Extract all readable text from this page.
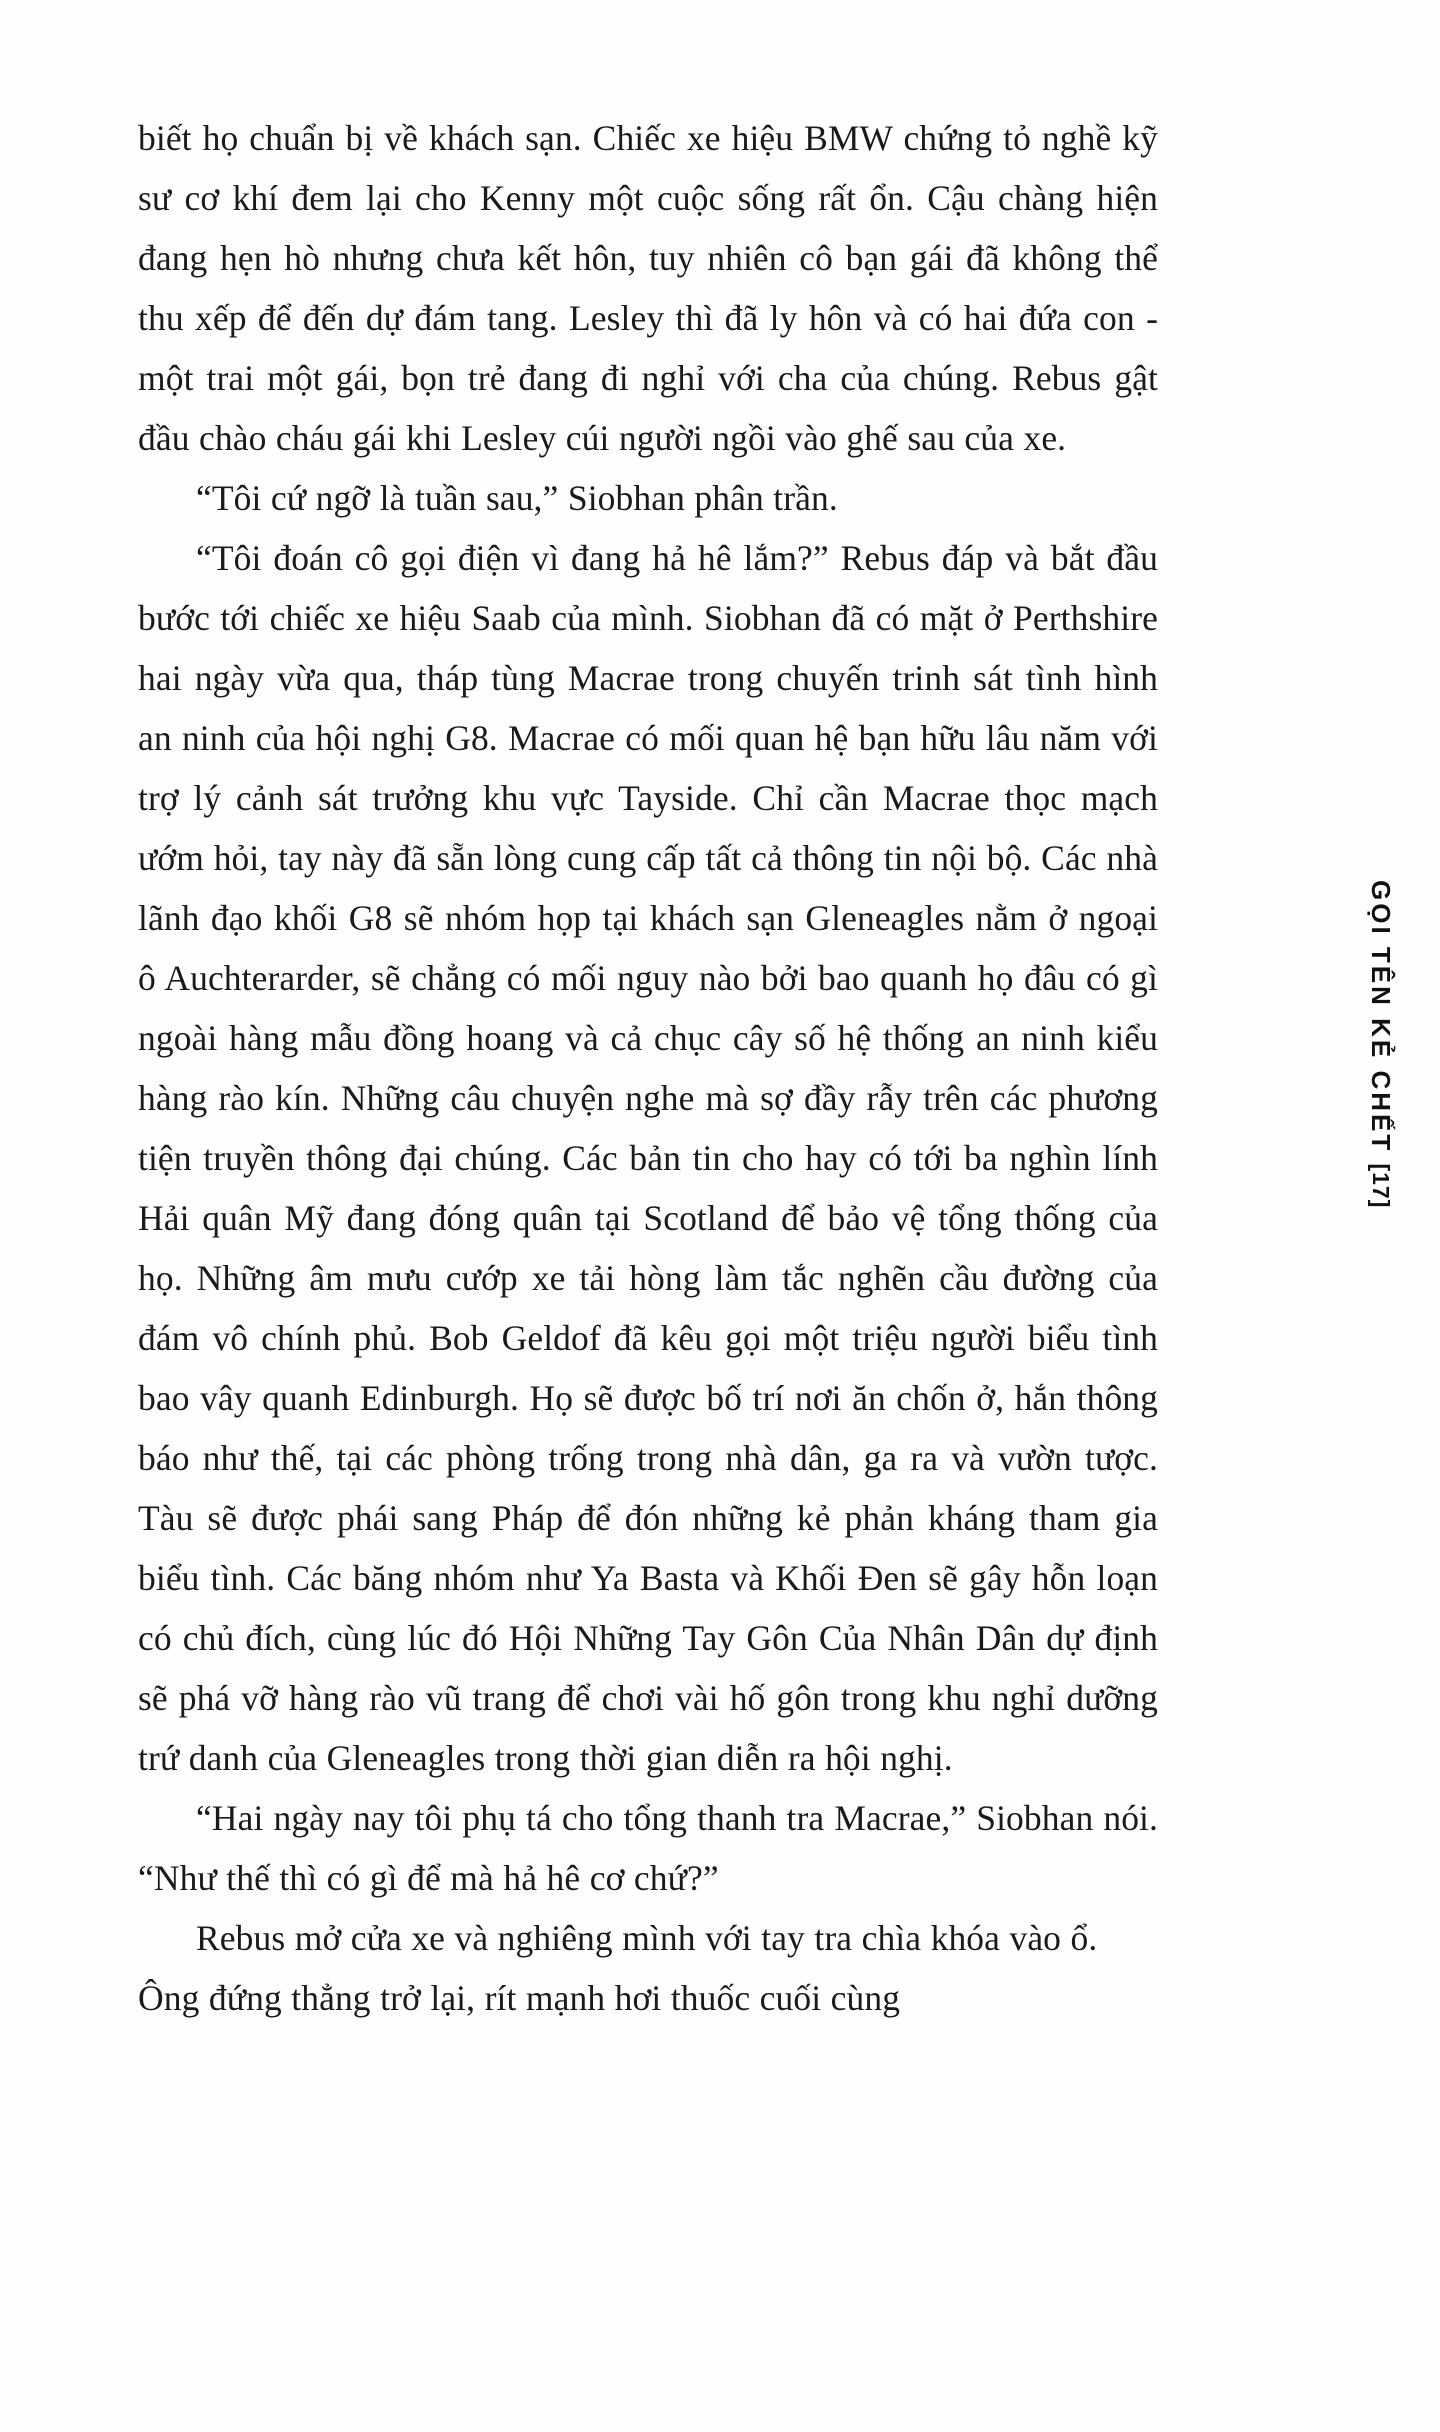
biết họ chuẩn bị về khách sạn. Chiếc xe hiệu BMW chứng tỏ nghề kỹ sư cơ khí đem lại cho Kenny một cuộc sống rất ổn. Cậu chàng hiện đang hẹn hò nhưng chưa kết hôn, tuy nhiên cô bạn gái đã không thể thu xếp để đến dự đám tang. Lesley thì đã ly hôn và có hai đứa con - một trai một gái, bọn trẻ đang đi nghỉ với cha của chúng. Rebus gật đầu chào cháu gái khi Lesley cúi người ngồi vào ghế sau của xe.

“Tôi cứ ngỡ là tuần sau,” Siobhan phân trần.

“Tôi đoán cô gọi điện vì đang hả hê lắm?” Rebus đáp và bắt đầu bước tới chiếc xe hiệu Saab của mình. Siobhan đã có mặt ở Perthshire hai ngày vừa qua, tháp tùng Macrae trong chuyến trinh sát tình hình an ninh của hội nghị G8. Macrae có mối quan hệ bạn hữu lâu năm với trợ lý cảnh sát trưởng khu vực Tayside. Chỉ cần Macrae thọc mạch ướm hỏi, tay này đã sẵn lòng cung cấp tất cả thông tin nội bộ. Các nhà lãnh đạo khối G8 sẽ nhóm họp tại khách sạn Gleneagles nằm ở ngoại ô Auchterarder, sẽ chẳng có mối nguy nào bởi bao quanh họ đâu có gì ngoài hàng mẫu đồng hoang và cả chục cây số hệ thống an ninh kiểu hàng rào kín. Những câu chuyện nghe mà sợ đầy rẫy trên các phương tiện truyền thông đại chúng. Các bản tin cho hay có tới ba nghìn lính Hải quân Mỹ đang đóng quân tại Scotland để bảo vệ tổng thống của họ. Những âm mưu cướp xe tải hòng làm tắc nghẽn cầu đường của đám vô chính phủ. Bob Geldof đã kêu gọi một triệu người biểu tình bao vây quanh Edinburgh. Họ sẽ được bố trí nơi ăn chốn ở, hắn thông báo như thế, tại các phòng trống trong nhà dân, ga ra và vườn tược. Tàu sẽ được phái sang Pháp để đón những kẻ phản kháng tham gia biểu tình. Các băng nhóm như Ya Basta và Khối Đen sẽ gây hỗn loạn có chủ đích, cùng lúc đó Hội Những Tay Gôn Của Nhân Dân dự định sẽ phá vỡ hàng rào vũ trang để chơi vài hố gôn trong khu nghỉ dưỡng trứ danh của Gleneagles trong thời gian diễn ra hội nghị.

“Hai ngày nay tôi phụ tá cho tổng thanh tra Macrae,” Siobhan nói. “Như thế thì có gì để mà hả hê cơ chứ?”

Rebus mở cửa xe và nghiêng mình với tay tra chìa khóa vào ổ. Ông đứng thẳng trở lại, rít mạnh hơi thuốc cuối cùng

GỌI TÊN KẺ CHẾT [17]
